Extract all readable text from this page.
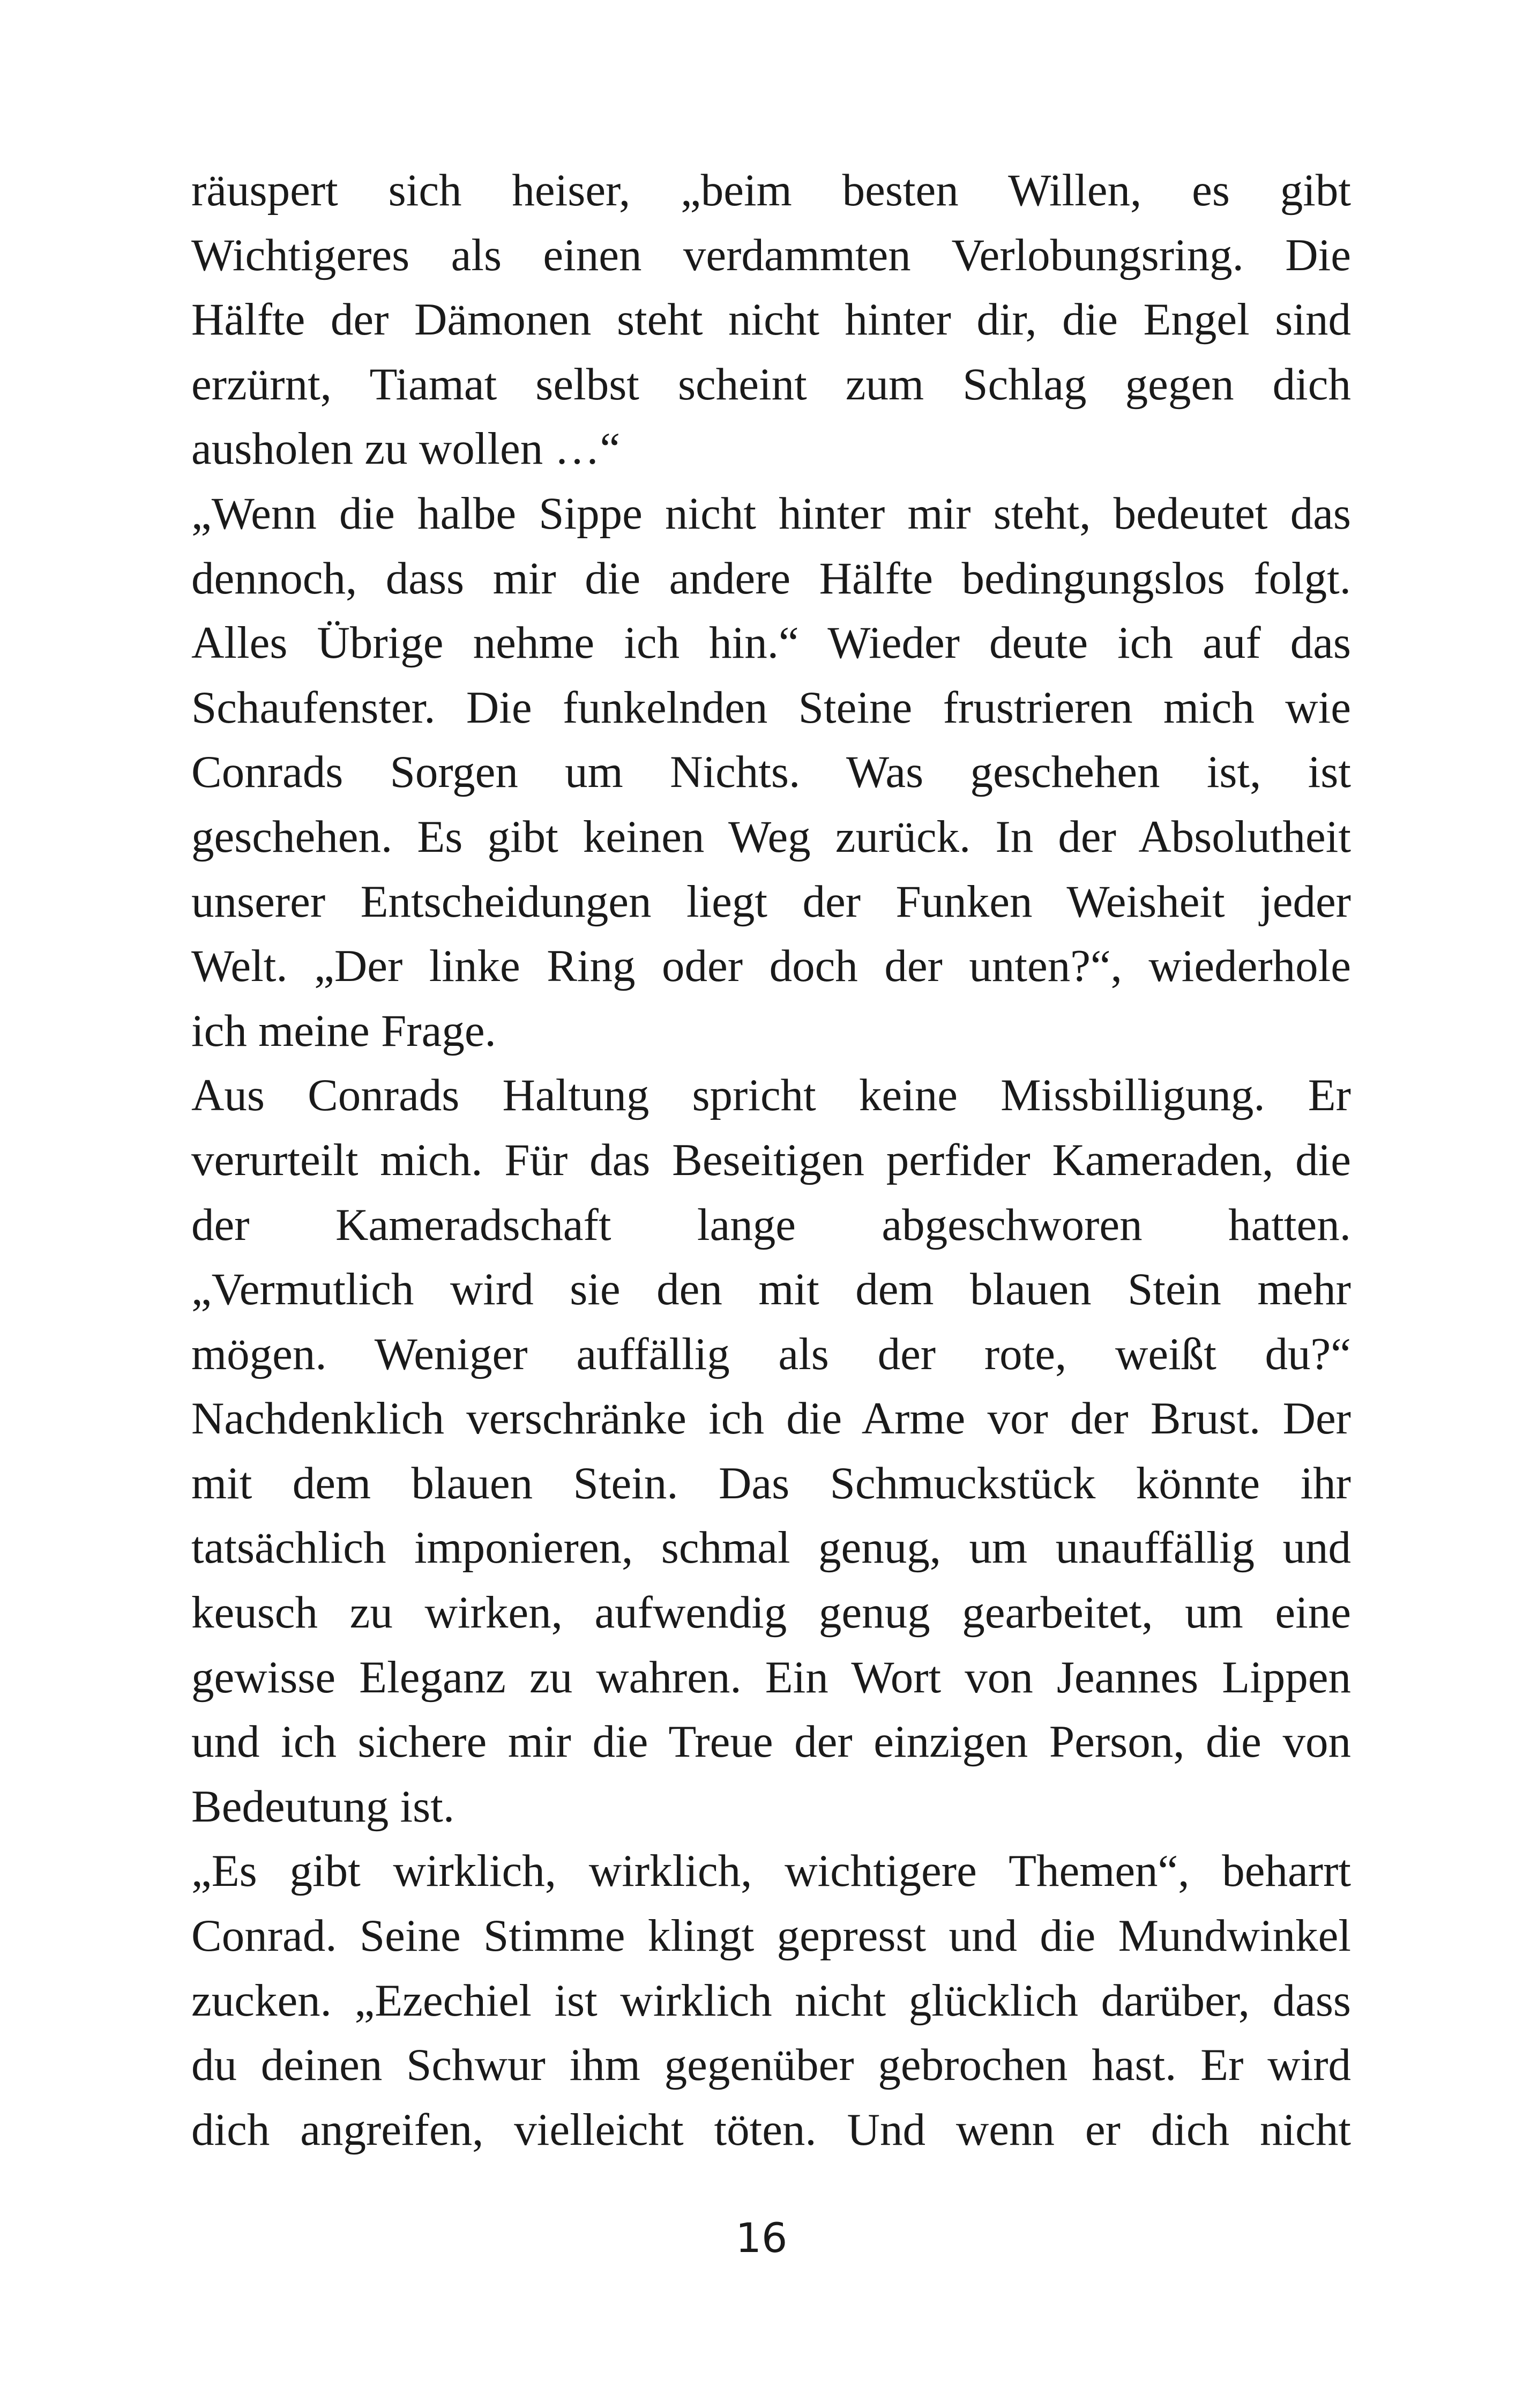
räuspert sich heiser, „beim besten Willen, es gibt
Wichtigeres als einen verdammten Verlobungsring. Die
Hälfte der Dämonen steht nicht hinter dir, die Engel sind
erzürnt, Tiamat selbst scheint zum Schlag gegen dich
ausholen zu wollen …“
„Wenn die halbe Sippe nicht hinter mir steht, bedeutet das
dennoch, dass mir die andere Hälfte bedingungslos folgt.
Alles Übrige nehme ich hin.“ Wieder deute ich auf das
Schaufenster. Die funkelnden Steine frustrieren mich wie
Conrads Sorgen um Nichts. Was geschehen ist, ist
geschehen. Es gibt keinen Weg zurück. In der Absolutheit
unserer Entscheidungen liegt der Funken Weisheit jeder
Welt. „Der linke Ring oder doch der unten?“, wiederhole
ich meine Frage.
Aus Conrads Haltung spricht keine Missbilligung. Er
verurteilt mich. Für das Beseitigen perfider Kameraden, die
der Kameradschaft lange abgeschworen hatten.
„Vermutlich wird sie den mit dem blauen Stein mehr
mögen. Weniger auffällig als der rote, weißt du?“
Nachdenklich verschränke ich die Arme vor der Brust. Der
mit dem blauen Stein. Das Schmuckstück könnte ihr
tatsächlich imponieren, schmal genug, um unauffällig und
keusch zu wirken, aufwendig genug gearbeitet, um eine
gewisse Eleganz zu wahren. Ein Wort von Jeannes Lippen
und ich sichere mir die Treue der einzigen Person, die von
Bedeutung ist.
„Es gibt wirklich, wirklich, wichtigere Themen“, beharrt
Conrad. Seine Stimme klingt gepresst und die Mundwinkel
zucken. „Ezechiel ist wirklich nicht glücklich darüber, dass
du deinen Schwur ihm gegenüber gebrochen hast. Er wird
dich angreifen, vielleicht töten. Und wenn er dich nicht
16
